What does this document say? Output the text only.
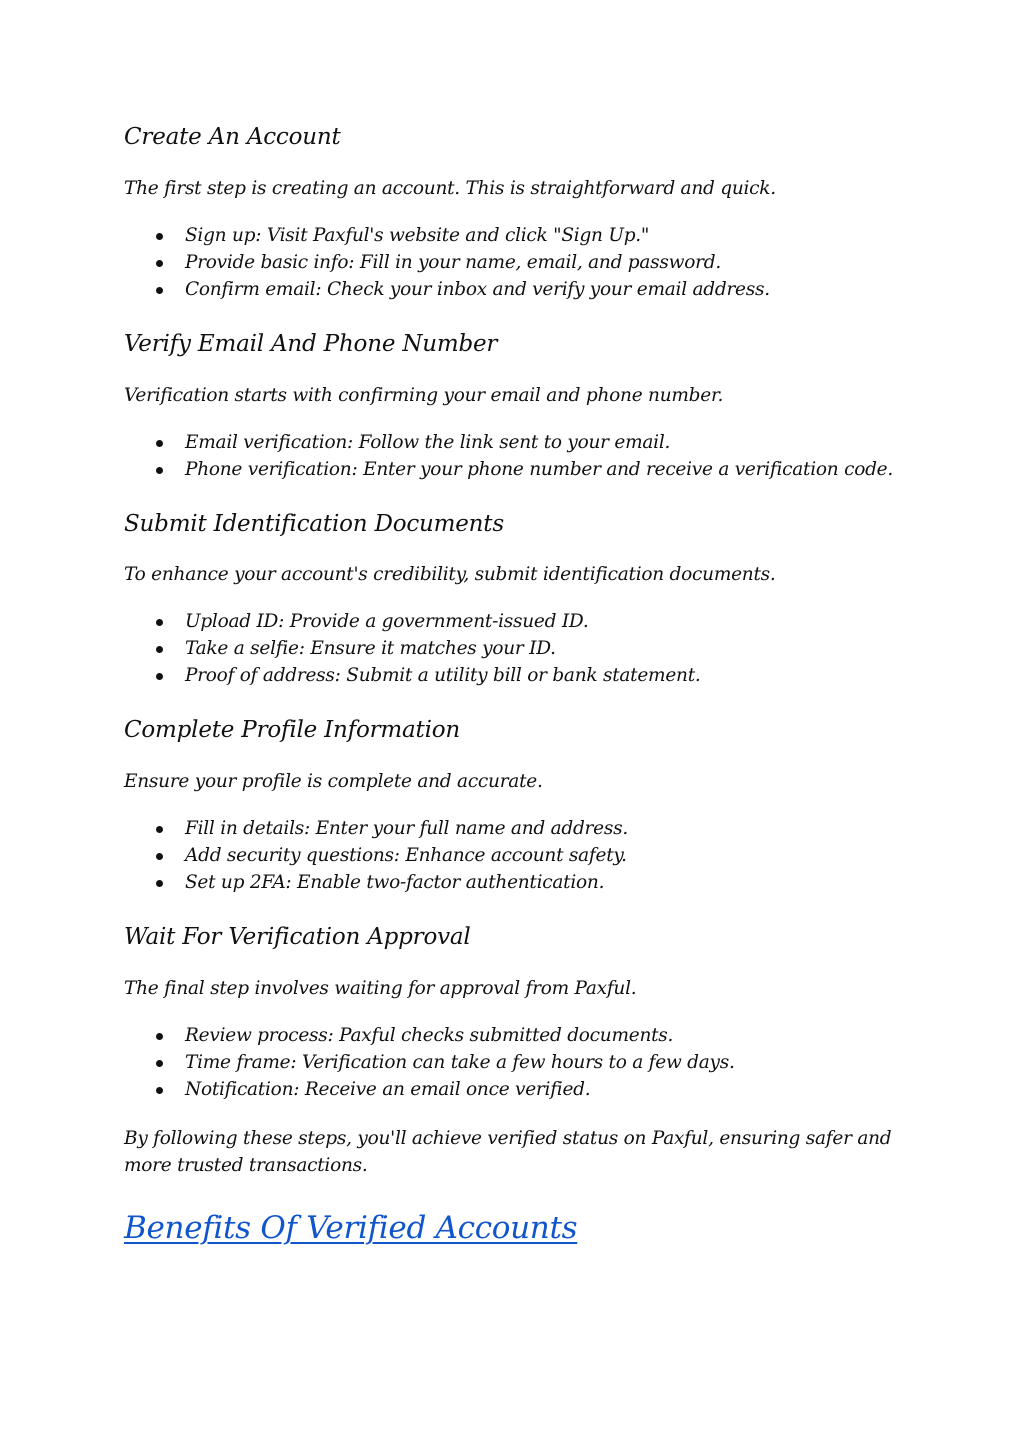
Create An Account

The first step is creating an account. This is straightforward and quick.

Sign up: Visit Paxful's website and click "Sign Up."
Provide basic info: Fill in your name, email, and password.
Confirm email: Check your inbox and verify your email address.
Verify Email And Phone Number

Verification starts with confirming your email and phone number.

Email verification: Follow the link sent to your email.
Phone verification: Enter your phone number and receive a verification code.
Submit Identification Documents

To enhance your account's credibility, submit identification documents.

Upload ID: Provide a government-issued ID.
Take a selfie: Ensure it matches your ID.
Proof of address: Submit a utility bill or bank statement.
Complete Profile Information

Ensure your profile is complete and accurate.

Fill in details: Enter your full name and address.
Add security questions: Enhance account safety.
Set up 2FA: Enable two-factor authentication.
Wait For Verification Approval

The final step involves waiting for approval from Paxful.

Review process: Paxful checks submitted documents.
Time frame: Verification can take a few hours to a few days.
Notification: Receive an email once verified.

By following these steps, you'll achieve verified status on Paxful, ensuring safer and more trusted transactions.

Benefits Of Verified Accounts
